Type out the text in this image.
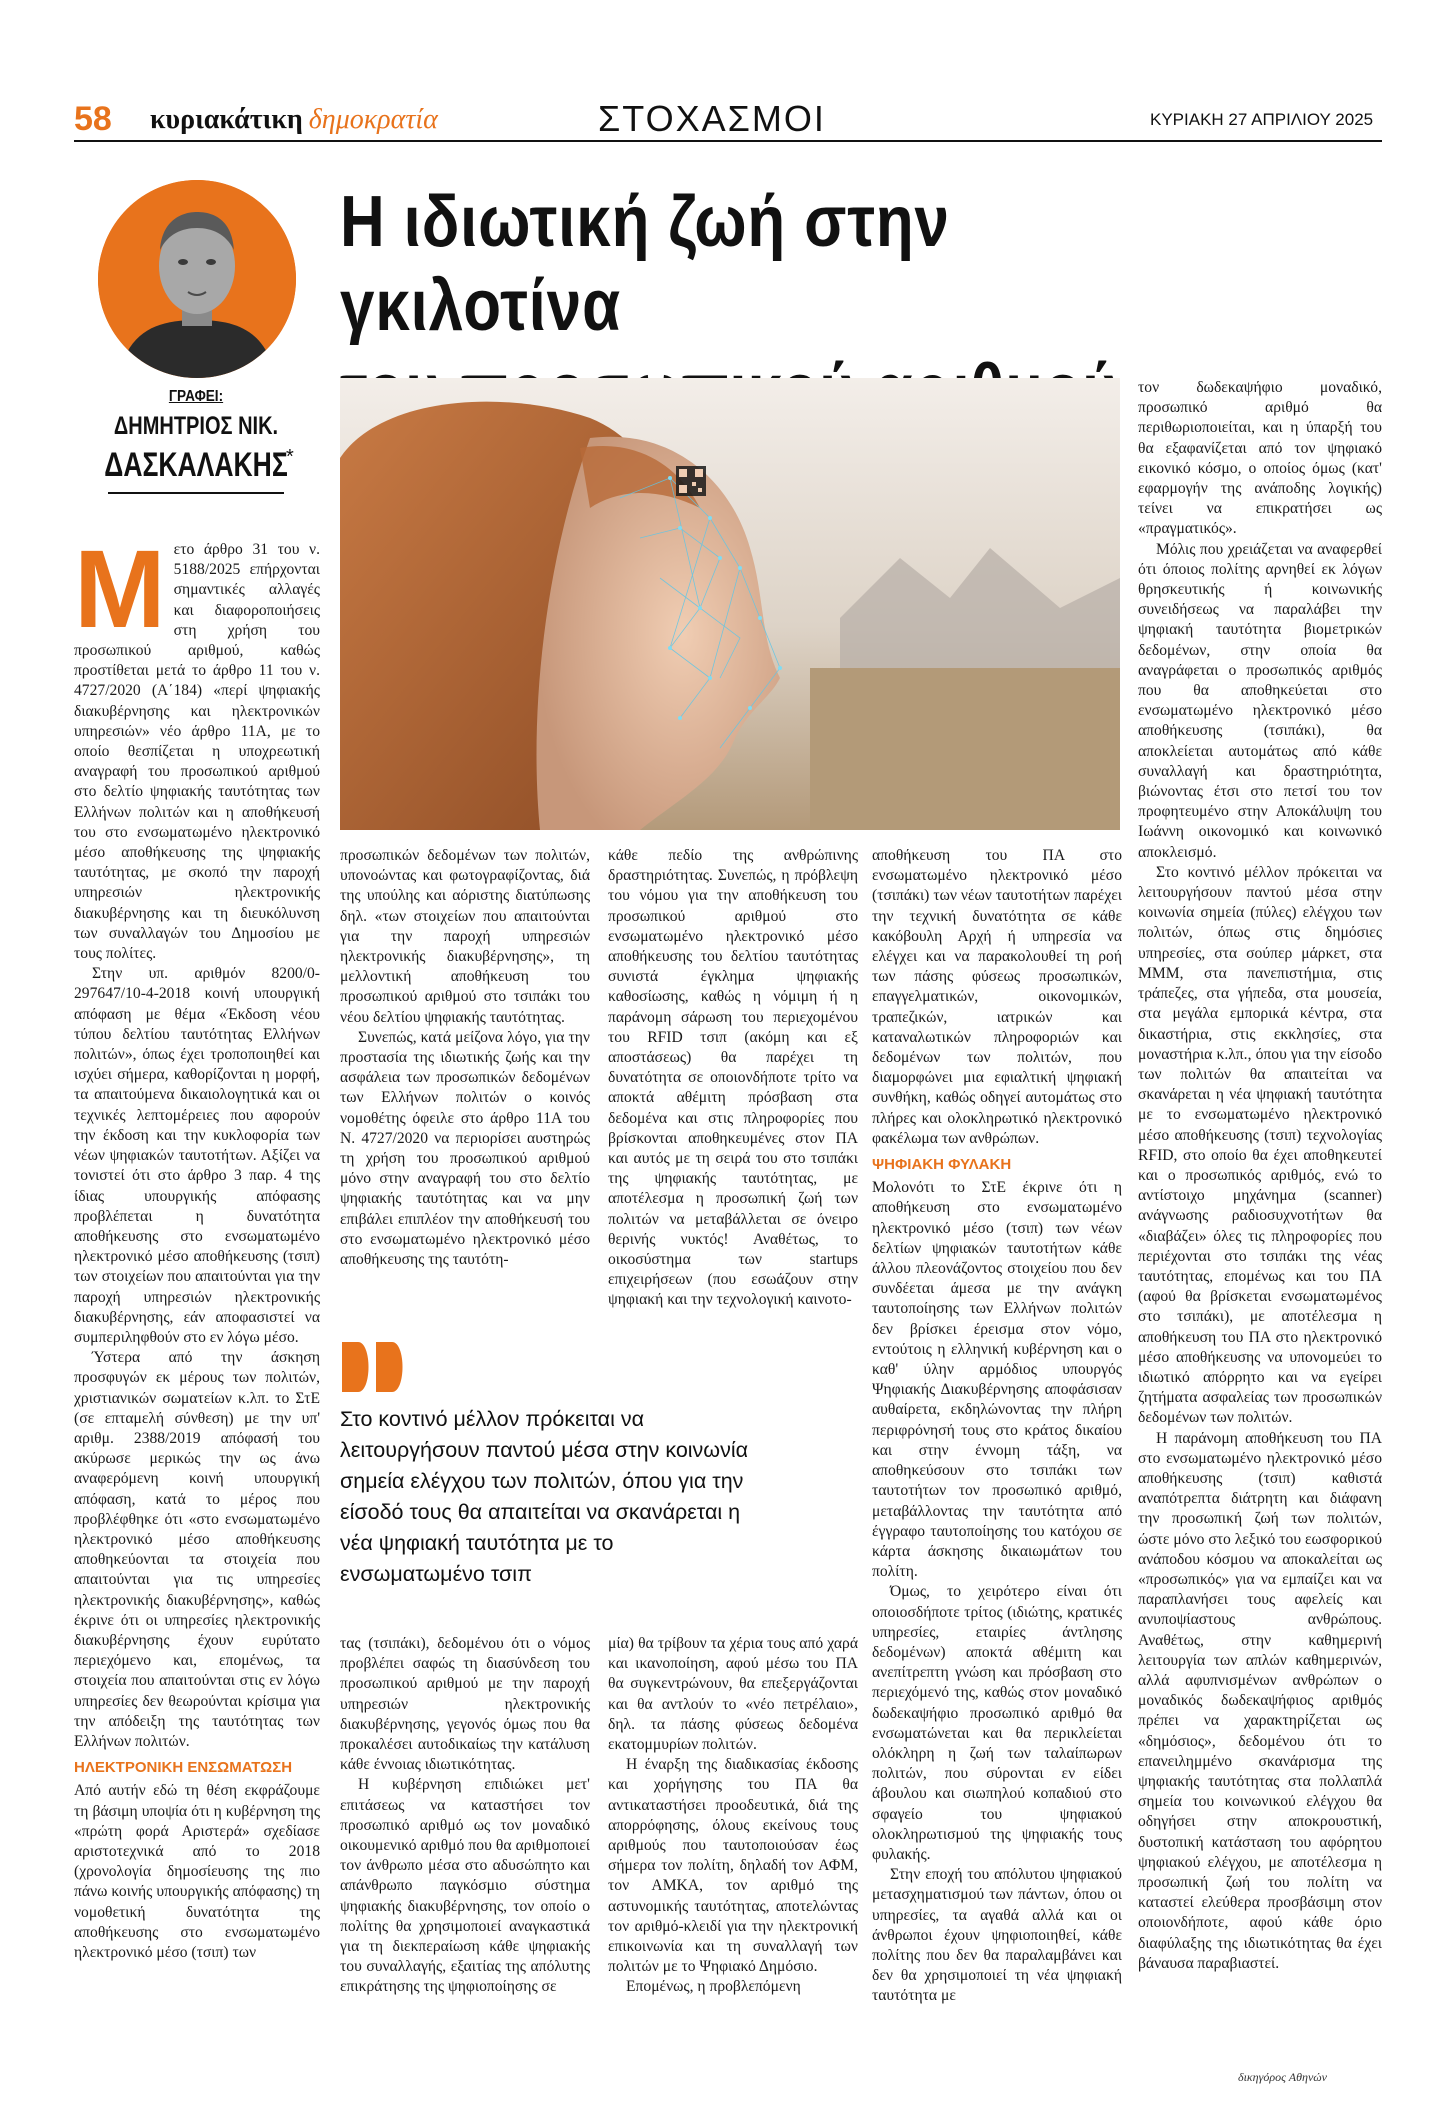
58 κυριακάτικη δημοκρατία	ΣΤΟΧΑΣΜΟΙ	ΚΥΡΙΑΚΗ 27 ΑΠΡΙΛΙΟΥ 2025
ΓΡΑΦΕΙ:
ΔΗΜΗΤΡΙΟΣ ΝΙΚ.
ΔΑΣΚΑΛΑΚΗΣ
*
Η ιδιωτική ζωή στην γκιλοτίνα
Μ ετο άρθρο 31 του ν. 5188/2025 επήρχονται σημαντικές αλλαγές και διαφοροποιήσεις στη χρήση του προσωπικού αριθμού, καθώς προστίθεται μετά το άρθρο 11 του ν. 4727/2020 (Α΄184) «περί ψηφιακής διακυβέρνησης και ηλεκτρονικών υπηρεσιών» νέο άρθρο 11Α, με το οποίο θεσπίζεται η υποχρεωτική αναγραφή του προσωπικού αριθμού στο δελτίο ψηφιακής ταυτότητας των Ελλήνων πολιτών και η αποθήκευσή του στο ενσωματωμένο ηλεκτρονικό μέσο αποθήκευσης της ψηφιακής ταυτότητας, με σκοπό την παροχή υπηρεσιών ηλεκτρονικής διακυβέρνησης και τη διευκόλυνση των συναλλαγών του Δημοσίου με τους πολίτες.

Στην υπ. αριθμόν 8200/0-297647/10-4-2018 κοινή υπουργική απόφαση με θέμα «Έκδοση νέου τύπου δελτίου ταυτότητας Ελλήνων πολιτών», όπως έχει τροποποιηθεί και ισχύει σήμερα, καθορίζονται η μορφή, τα απαιτούμενα δικαιολογητικά και οι τεχνικές λεπτομέρειες που αφορούν την έκδοση και την κυκλοφορία των νέων ψηφιακών ταυτοτήτων. Αξίζει να τονιστεί ότι στο άρθρο 3 παρ. 4 της ίδιας υπουργικής απόφασης προβλέπεται η δυνατότητα αποθήκευσης στο ενσωματωμένο ηλεκτρονικό μέσο αποθήκευσης (τσιπ) των στοιχείων που απαιτούνται για την παροχή υπηρεσιών ηλεκτρονικής διακυβέρνησης, εάν αποφασιστεί να συμπεριληφθούν στο εν λόγω μέσο.

Ύστερα από την άσκηση προσφυγών εκ μέρους των πολιτών, χριστιανικών σωματείων κ.λπ. το ΣτΕ (σε επταμελή σύνθεση) με την υπ' αριθμ. 2388/2019 απόφασή του ακύρωσε μερικώς την ως άνω αναφερόμενη κοινή υπουργική απόφαση, κατά το μέρος που προβλέφθηκε ότι «στο ενσωματωμένο ηλεκτρονικό μέσο αποθήκευσης αποθηκεύονται τα στοιχεία που απαιτούνται για τις υπηρεσίες ηλεκτρονικής διακυβέρνησης», καθώς έκρινε ότι οι υπηρεσίες ηλεκτρονικής διακυβέρνησης έχουν ευρύτατο περιεχόμενο και, επομένως, τα στοιχεία που απαιτούνται στις εν λόγω υπηρεσίες δεν θεωρούνται κρίσιμα για την απόδειξη της ταυτότητας των Ελλήνων πολιτών.

ΗΛΕΚΤΡΟΝΙΚΗ ΕΝΣΩΜΑΤΩΣΗ

Από αυτήν εδώ τη θέση εκφράζουμε τη βάσιμη υποψία ότι η κυβέρνηση της «πρώτη φορά Αριστερά» σχεδίασε αριστοτεχνικά από το 2018 (χρονολογία δημοσίευσης της πιο πάνω κοινής υπουργικής απόφασης) τη νομοθετική δυνατότητα της αποθήκευσης στο ενσωματωμένο ηλεκτρονικό μέσο (τσιπ) των

προσωπικών δεδομένων των πολιτών, υπονοώντας και φωτογραφίζοντας, διά της υπούλης και αόριστης διατύπωσης δηλ. «των στοιχείων που απαιτούνται για την παροχή υπηρεσιών ηλεκτρονικής διακυβέρνησης», τη μελλοντική αποθήκευση του προσωπικού αριθμού στο τσιπάκι του νέου δελτίου ψηφιακής ταυτότητας.

Συνεπώς, κατά μείζονα λόγο, για την προστασία της ιδιωτικής ζωής και την ασφάλεια των προσωπικών δεδομένων των Ελλήνων πολιτών ο κοινός νομοθέτης όφειλε στο άρθρο 11Α του Ν. 4727/2020 να περιορίσει αυστηρώς τη χρήση του προσωπικού αριθμού μόνο στην αναγραφή του στο δελτίο ψηφιακής ταυτότητας και να μην επιβάλει επιπλέον την αποθήκευσή του στο ενσωματωμένο ηλεκτρονικό μέσο αποθήκευσης της ταυτότη-

κάθε πεδίο της ανθρώπινης δραστηριότητας. Συνεπώς, η πρόβλεψη του νόμου για την αποθήκευση του προσωπικού αριθμού στο ενσωματωμένο ηλεκτρονικό μέσο αποθήκευσης του δελτίου ταυτότητας συνιστά έγκλημα ψηφιακής καθοσίωσης, καθώς η νόμιμη ή η παράνομη σάρωση του περιεχομένου του RFID τσιπ (ακόμη και εξ αποστάσεως) θα παρέχει τη δυνατότητα σε οποιονδήποτε τρίτο να αποκτά αθέμιτη πρόσβαση στα δεδομένα και στις πληροφορίες που βρίσκονται αποθηκευμένες στον ΠΑ και αυτός με τη σειρά του στο τσιπάκι της ψηφιακής ταυτότητας, με αποτέλεσμα η προσωπική ζωή των πολιτών να μεταβάλλεται σε όνειρο θερινής νυκτός! Αναθέτως, το οικοσύστημα των startups επιχειρήσεων (που εσωάζουν στην ψηφιακή και την τεχνολογική καινοτο-

Στο κοντινό μέλλον πρόκειται να λειτουργήσουν παντού μέσα στην κοινωνία σημεία ελέγχου των πολιτών, όπου για την είσοδό τους θα απαιτείται να σκανάρεται η νέα ψηφιακή ταυτότητα με το ενσωματωμένο τσιπ

τας (τσιπάκι), δεδομένου ότι ο νόμος προβλέπει σαφώς τη διασύνδεση του προσωπικού αριθμού με την παροχή υπηρεσιών ηλεκτρονικής διακυβέρνησης, γεγονός όμως που θα προκαλέσει αυτοδικαίως την κατάλυση κάθε έννοιας ιδιωτικότητας.

Η κυβέρνηση επιδιώκει μετ' επιτάσεως να καταστήσει τον προσωπικό αριθμό ως τον μοναδικό οικουμενικό αριθμό που θα αριθμοποιεί τον άνθρωπο μέσα στο αδυσώπητο και απάνθρωπο παγκόσμιο σύστημα ψηφιακής διακυβέρνησης, τον οποίο ο πολίτης θα χρησιμοποιεί αναγκαστικά για τη διεκπεραίωση κάθε ψηφιακής του συναλλαγής, εξαιτίας της απόλυτης επικράτησης της ψηφιοποίησης σε

μία) θα τρίβουν τα χέρια τους από χαρά και ικανοποίηση, αφού μέσω του ΠΑ θα συγκεντρώνουν, θα επεξεργάζονται και θα αντλούν το «νέο πετρέλαιο», δηλ. τα πάσης φύσεως δεδομένα εκατομμυρίων πολιτών.

Η έναρξη της διαδικασίας έκδοσης και χορήγησης του ΠΑ θα αντικαταστήσει προοδευτικά, διά της απορρόφησης, όλους εκείνους τους αριθμούς που ταυτοποιούσαν έως σήμερα τον πολίτη, δηλαδή τον ΑΦΜ, τον ΑΜΚΑ, τον αριθμό της αστυνομικής ταυτότητας, αποτελώντας τον αριθμό-κλειδί για την ηλεκτρονική επικοινωνία και τη συναλλαγή των πολιτών με το Ψηφιακό Δημόσιο.

Επομένως, η προβλεπόμενη

αποθήκευση του ΠΑ στο ενσωματωμένο ηλεκτρονικό μέσο (τσιπάκι) των νέων ταυτοτήτων παρέχει την τεχνική δυνατότητα σε κάθε κακόβουλη Αρχή ή υπηρεσία να ελέγχει και να παρακολουθεί τη ροή των πάσης φύσεως προσωπικών, επαγγελματικών, οικονομικών, τραπεζικών, ιατρικών και καταναλωτικών πληροφοριών και δεδομένων των πολιτών, που διαμορφώνει μια εφιαλτική ψηφιακή συνθήκη, καθώς οδηγεί αυτομάτως στο πλήρες και ολοκληρωτικό ηλεκτρονικό φακέλωμα των ανθρώπων.

ΨΗΦΙΑΚΗ ΦΥΛΑΚΗ

Μολονότι το ΣτΕ έκρινε ότι η αποθήκευση στο ενσωματωμένο ηλεκτρονικό μέσο (τσιπ) των νέων δελτίων ψηφιακών ταυτοτήτων κάθε άλλου πλεονάζοντος στοιχείου που δεν συνδέεται άμεσα με την ανάγκη ταυτοποίησης των Ελλήνων πολιτών δεν βρίσκει έρεισμα στον νόμο, εντούτοις η ελληνική κυβέρνηση και ο καθ' ύλην αρμόδιος υπουργός Ψηφιακής Διακυβέρνησης αποφάσισαν αυθαίρετα, εκδηλώνοντας την πλήρη περιφρόνησή τους στο κράτος δικαίου και στην έννομη τάξη, να αποθηκεύσουν στο τσιπάκι των ταυτοτήτων τον προσωπικό αριθμό, μεταβάλλοντας την ταυτότητα από έγγραφο ταυτοποίησης του κατόχου σε κάρτα άσκησης δικαιωμάτων του πολίτη.

Όμως, το χειρότερο είναι ότι οποιοσδήποτε τρίτος (ιδιώτης, κρατικές υπηρεσίες, εταιρίες άντλησης δεδομένων) αποκτά αθέμιτη και ανεπίτρεπτη γνώση και πρόσβαση στο περιεχόμενό της, καθώς στον μοναδικό δωδεκαψήφιο προσωπικό αριθμό θα ενσωματώνεται και θα περικλείεται ολόκληρη η ζωή των ταλαίπωρων πολιτών, που σύρονται εν είδει άβουλου και σιωπηλού κοπαδιού στο σφαγείο του ψηφιακού ολοκληρωτισμού της ψηφιακής τους φυλακής.

Στην εποχή του απόλυτου ψηφιακού μετασχηματισμού των πάντων, όπου οι υπηρεσίες, τα αγαθά αλλά και οι άνθρωποι έχουν ψηφιοποιηθεί, κάθε πολίτης που δεν θα παραλαμβάνει και δεν θα χρησιμοποιεί τη νέα ψηφιακή ταυτότητα με

τον δωδεκαψήφιο μοναδικό, προσωπικό αριθμό θα περιθωριοποιείται, και η ύπαρξή του θα εξαφανίζεται από τον ψηφιακό εικονικό κόσμο, ο οποίος όμως (κατ' εφαρμογήν της ανάποδης λογικής) τείνει να επικρατήσει ως «πραγματικός».

Μόλις που χρειάζεται να αναφερθεί ότι όποιος πολίτης αρνηθεί εκ λόγων θρησκευτικής ή κοινωνικής συνειδήσεως να παραλάβει την ψηφιακή ταυτότητα βιομετρικών δεδομένων, στην οποία θα αναγράφεται ο προσωπικός αριθμός που θα αποθηκεύεται στο ενσωματωμένο ηλεκτρονικό μέσο αποθήκευσης (τσιπάκι), θα αποκλείεται αυτομάτως από κάθε συναλλαγή και δραστηριότητα, βιώνοντας έτσι στο πετσί του τον προφητευμένο στην Αποκάλυψη του Ιωάννη οικονομικό και κοινωνικό αποκλεισμό.

Στο κοντινό μέλλον πρόκειται να λειτουργήσουν παντού μέσα στην κοινωνία σημεία (πύλες) ελέγχου των πολιτών, όπως στις δημόσιες υπηρεσίες, στα σούπερ μάρκετ, στα ΜΜΜ, στα πανεπιστήμια, στις τράπεζες, στα γήπεδα, στα μουσεία, στα μεγάλα εμπορικά κέντρα, στα δικαστήρια, στις εκκλησίες, στα μοναστήρια κ.λπ., όπου για την είσοδο των πολιτών θα απαιτείται να σκανάρεται η νέα ψηφιακή ταυτότητα με το ενσωματωμένο ηλεκτρονικό μέσο αποθήκευσης (τσιπ) τεχνολογίας RFID, στο οποίο θα έχει αποθηκευτεί και ο προσωπικός αριθμός, ενώ το αντίστοιχο μηχάνημα (scanner) ανάγνωσης ραδιοσυχνοτήτων θα «διαβάζει» όλες τις πληροφορίες που περιέχονται στο τσιπάκι της νέας ταυτότητας, επομένως και του ΠΑ (αφού θα βρίσκεται ενσωματωμένος στο τσιπάκι), με αποτέλεσμα η αποθήκευση του ΠΑ στο ηλεκτρονικό μέσο αποθήκευσης να υπονομεύει το ιδιωτικό απόρρητο και να εγείρει ζητήματα ασφαλείας των προσωπικών δεδομένων των πολιτών.

Η παράνομη αποθήκευση του ΠΑ στο ενσωματωμένο ηλεκτρονικό μέσο αποθήκευσης (τσιπ) καθιστά αναπότρεπτα διάτρητη και διάφανη την προσωπική ζωή των πολιτών, ώστε μόνο στο λεξικό του εωσφορικού ανάποδου κόσμου να αποκαλείται ως «προσωπικός» για να εμπαίζει και να παραπλανήσει τους αφελείς και ανυποψίαστους ανθρώπους. Αναθέτως, στην καθημερινή λειτουργία των απλών καθημερινών, αλλά αφυπνισμένων ανθρώπων ο μοναδικός δωδεκαψήφιος αριθμός πρέπει να χαρακτηρίζεται ως «δημόσιος», δεδομένου ότι το επανειλημμένο σκανάρισμα της ψηφιακής ταυτότητας στα πολλαπλά σημεία του κοινωνικού ελέγχου θα οδηγήσει στην αποκρουστική, δυστοπική κατάσταση του αφόρητου ψηφιακού ελέγχου, με αποτέλεσμα η προσωπική ζωή του πολίτη να καταστεί ελεύθερα προσβάσιμη στον οποιονδήποτε, αφού κάθε όριο διαφύλαξης της ιδιωτικότητας θα έχει βάναυσα παραβιαστεί.

δικηγόρος Αθηνών
